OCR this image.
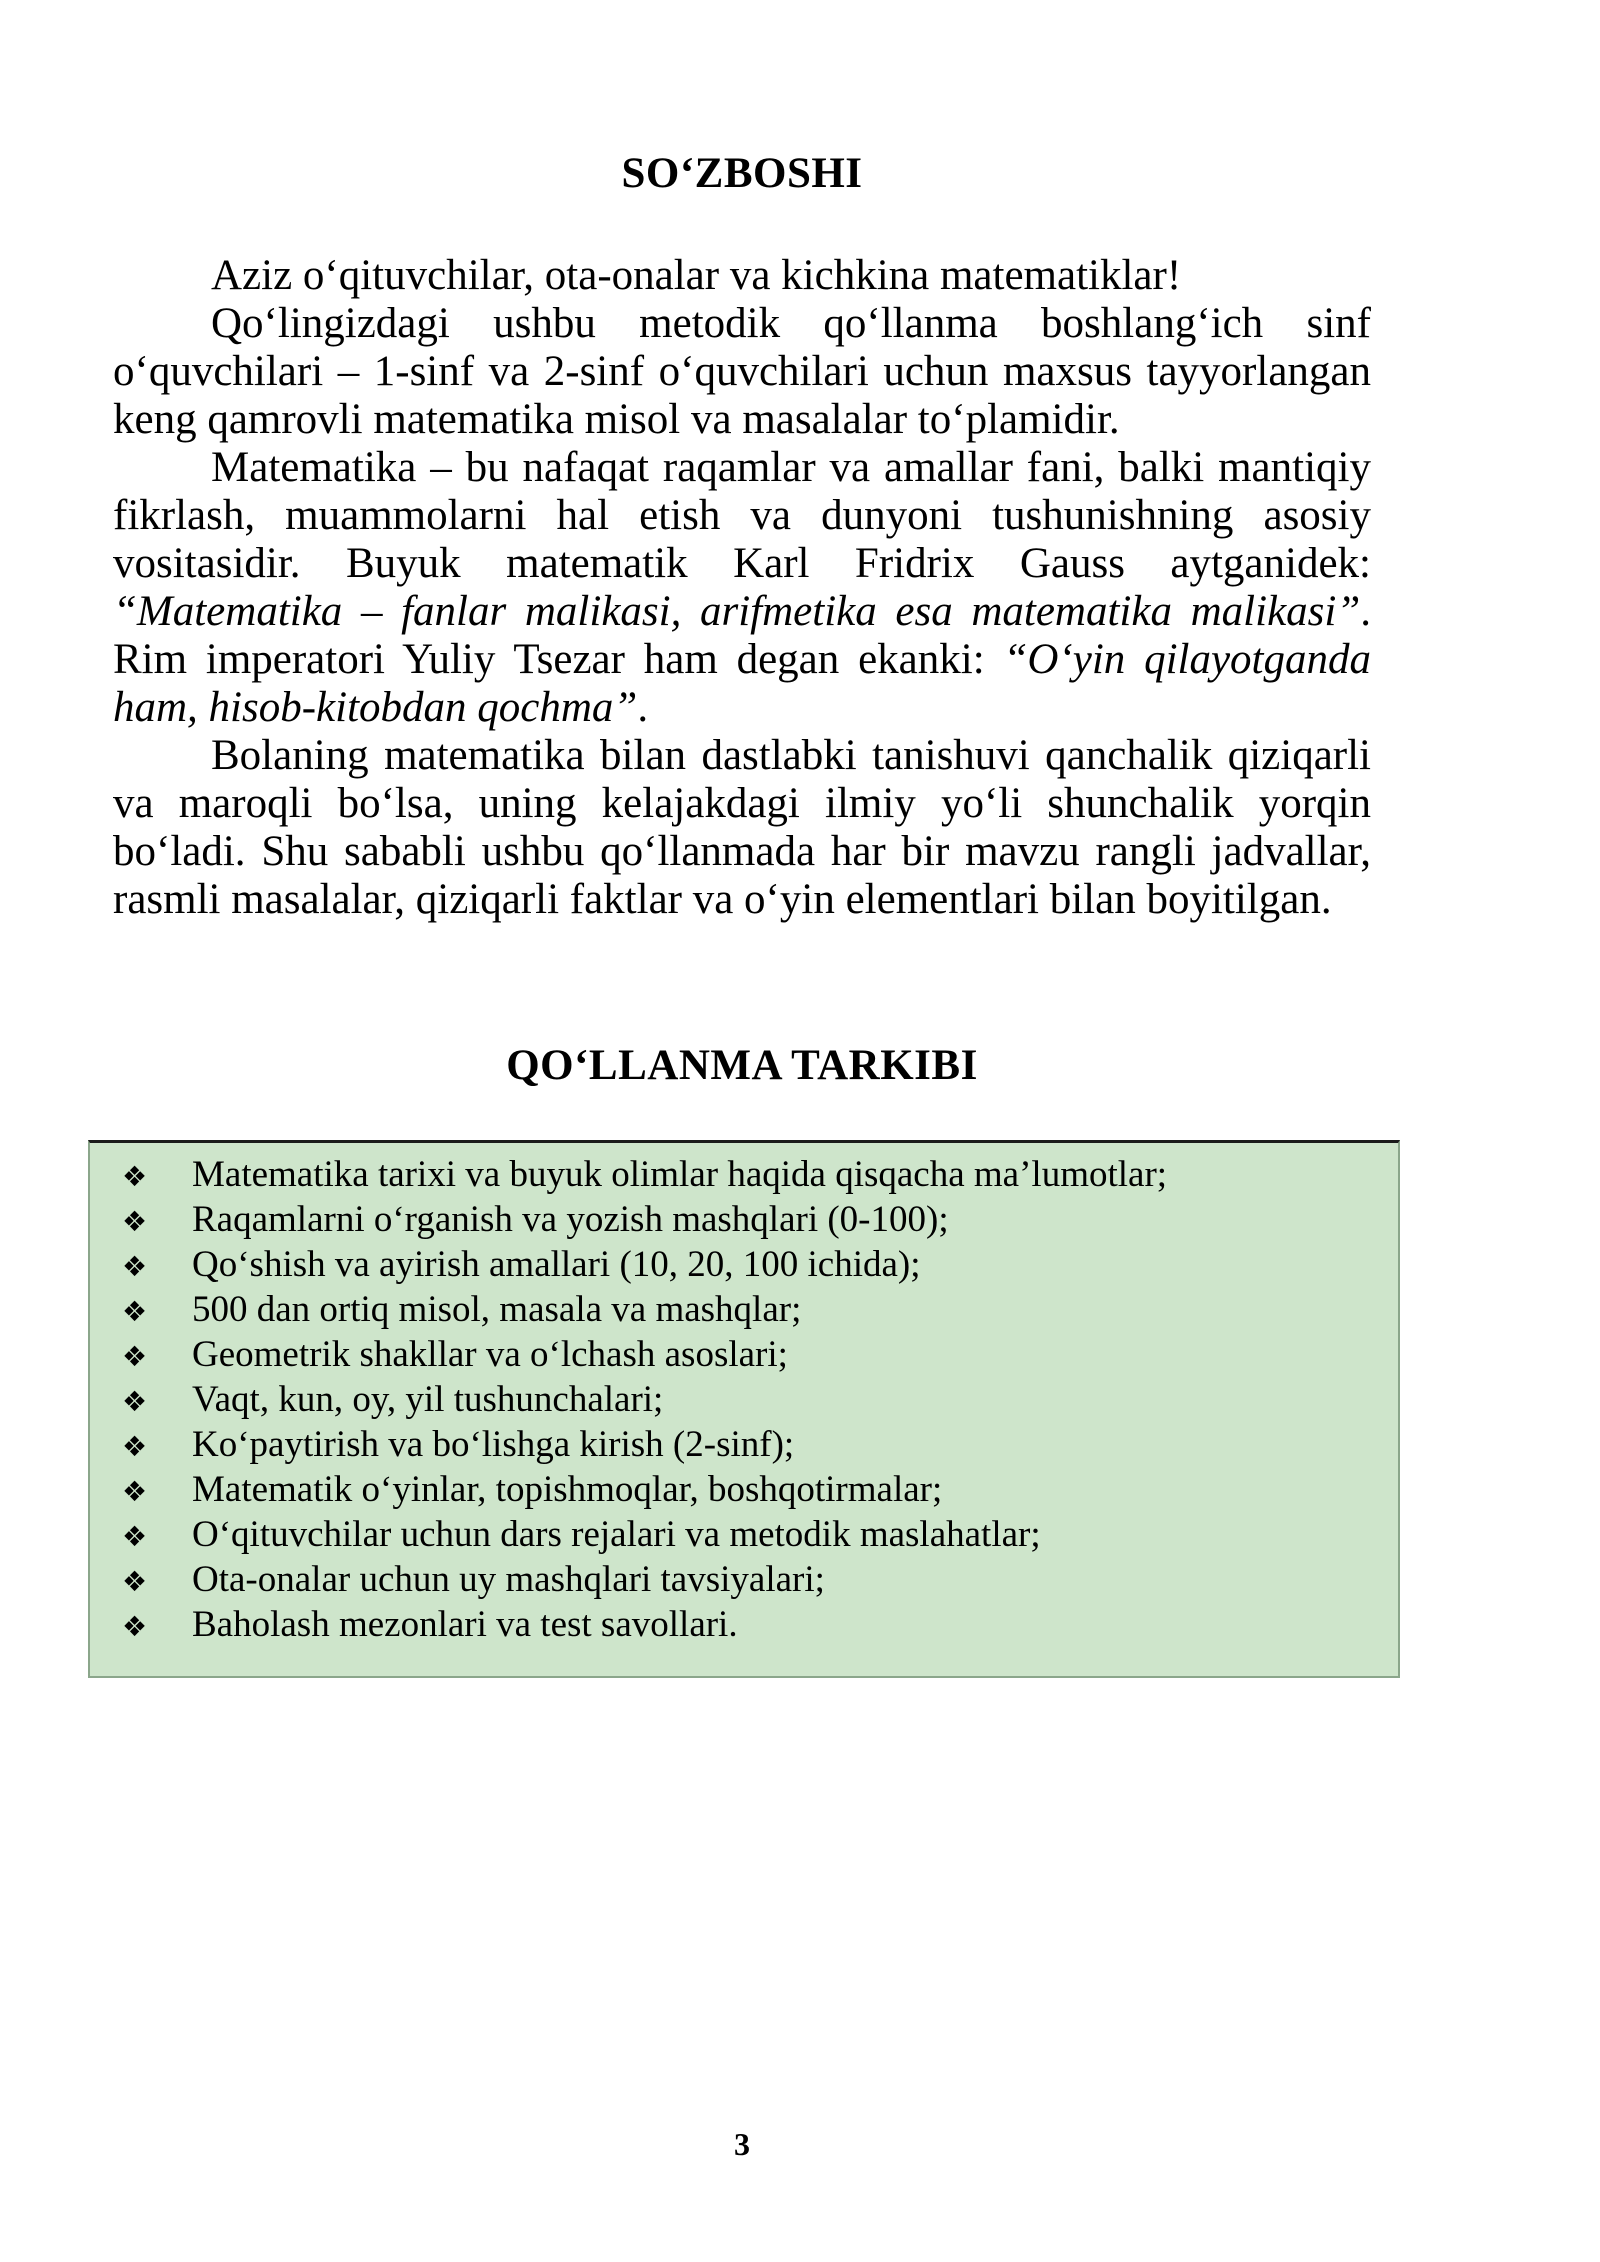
SO‘ZBOSHI

Aziz o‘qituvchilar, ota-onalar va kichkina matematiklar!

Qo‘lingizdagi ushbu metodik qo‘llanma boshlang‘ich sinf o‘quvchilari – 1-sinf va 2-sinf o‘quvchilari uchun maxsus tayyorlangan keng qamrovli matematika misol va masalalar to‘plamidir.

Matematika – bu nafaqat raqamlar va amallar fani, balki mantiqiy fikrlash, muammolarni hal etish va dunyoni tushunishning asosiy vositasidir. Buyuk matematik Karl Fridrix Gauss aytganidek: “Matematika – fanlar malikasi, arifmetika esa matematika malikasi”. Rim imperatori Yuliy Tsezar ham degan ekanki: “O‘yin qilayotganda ham, hisob-kitobdan qochma”.

Bolaning matematika bilan dastlabki tanishuvi qanchalik qiziqarli va maroqli bo‘lsa, uning kelajakdagi ilmiy yo‘li shunchalik yorqin bo‘ladi. Shu sababli ushbu qo‘llanmada har bir mavzu rangli jadvallar, rasmli masalalar, qiziqarli faktlar va o‘yin elementlari bilan boyitilgan.

QO‘LLANMA TARKIBI
❖	Matematika tarixi va buyuk olimlar haqida qisqacha ma’lumotlar;
❖	Raqamlarni o‘rganish va yozish mashqlari (0-100);
❖	Qo‘shish va ayirish amallari (10, 20, 100 ichida);
❖	500 dan ortiq misol, masala va mashqlar;
❖	Geometrik shakllar va o‘lchash asoslari;
❖	Vaqt, kun, oy, yil tushunchalari;
❖	Ko‘paytirish va bo‘lishga kirish (2-sinf);
❖	Matematik o‘yinlar, topishmoqlar, boshqotirmalar;
❖	O‘qituvchilar uchun dars rejalari va metodik maslahatlar;
❖	Ota-onalar uchun uy mashqlari tavsiyalari;
❖	Baholash mezonlari va test savollari.
3
